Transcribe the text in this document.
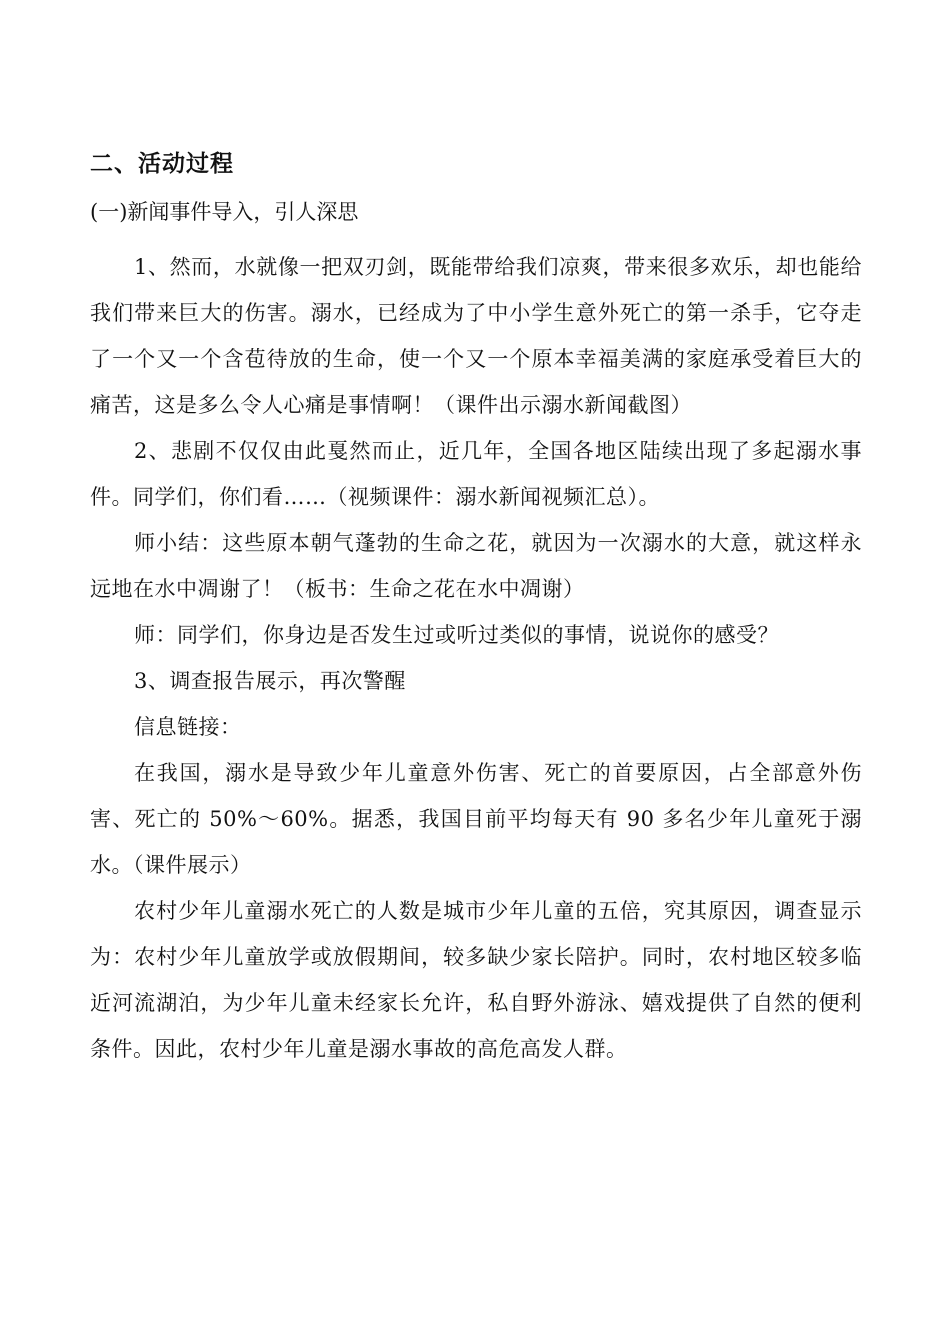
二、活动过程
(一)新闻事件导入，引人深思

1、然而，水就像一把双刃剑，既能带给我们凉爽，带来很多欢乐，却也能给我们带来巨大的伤害。溺水，已经成为了中小学生意外死亡的第一杀手，它夺走了一个又一个含苞待放的生命，使一个又一个原本幸福美满的家庭承受着巨大的痛苦，这是多么令人心痛是事情啊！（课件出示溺水新闻截图）

2、悲剧不仅仅由此戛然而止，近几年，全国各地区陆续出现了多起溺水事件。同学们，你们看……（视频课件：溺水新闻视频汇总）。

师小结：这些原本朝气蓬勃的生命之花，就因为一次溺水的大意，就这样永远地在水中凋谢了！（板书：生命之花在水中凋谢）

师：同学们，你身边是否发生过或听过类似的事情，说说你的感受？

3、调查报告展示，再次警醒

信息链接：

在我国，溺水是导致少年儿童意外伤害、死亡的首要原因，占全部意外伤害、死亡的 50%～60%。据悉，我国目前平均每天有 90 多名少年儿童死于溺水。（课件展示）

农村少年儿童溺水死亡的人数是城市少年儿童的五倍，究其原因，调查显示为：农村少年儿童放学或放假期间，较多缺少家长陪护。同时，农村地区较多临近河流湖泊，为少年儿童未经家长允许，私自野外游泳、嬉戏提供了自然的便利条件。因此，农村少年儿童是溺水事故的高危高发人群。
